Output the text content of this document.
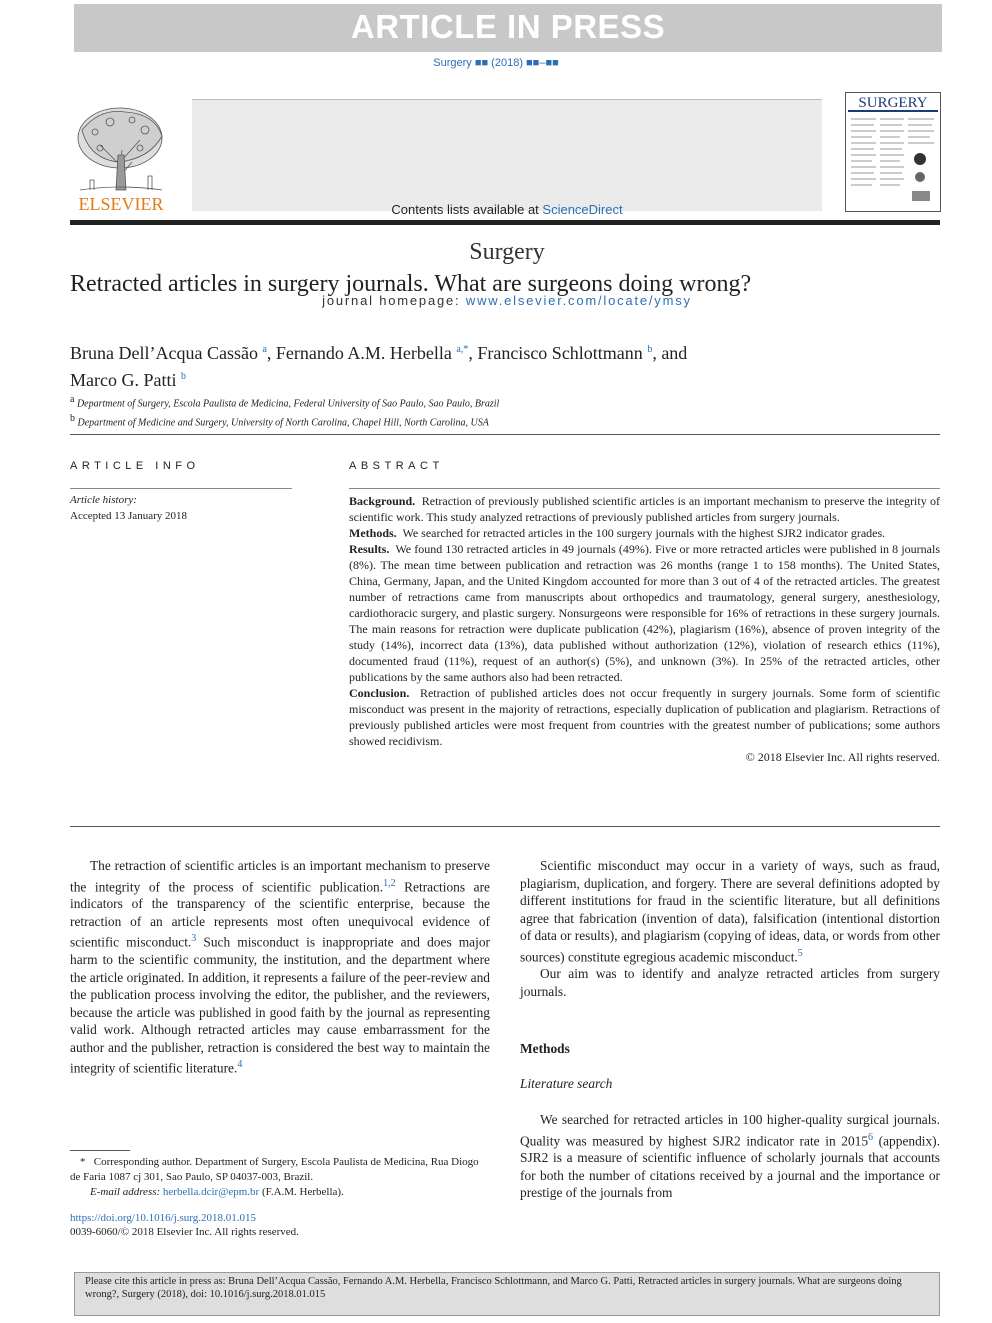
ARTICLE IN PRESS
Surgery ■■ (2018) ■■–■■
ELSEVIER	Contents lists available at ScienceDirect
Surgery
journal homepage: www.elsevier.com/locate/ymsy
SURGERY
Retracted articles in surgery journals. What are surgeons doing wrong?
Bruna Dell’Acqua Cassão $^a$, Fernando A.M. Herbella $^{a,*}$, Francisco Schlottmann $^b$, and
Marco G. Patti $^b$
$^a$ Department of Surgery, Escola Paulista de Medicina, Federal University of Sao Paulo, Sao Paulo, Brazil
$^b$ Department of Medicine and Surgery, University of North Carolina, Chapel Hill, North Carolina, USA
ARTICLE INFO
Article history:
Accepted 13 January 2018
ABSTRACT

Background. Retraction of previously published scientific articles is an important mechanism to preserve the integrity of scientific work. This study analyzed retractions of previously published articles from surgery journals.

Methods. We searched for retracted articles in the 100 surgery journals with the highest SJR2 indicator grades.

Results. We found 130 retracted articles in 49 journals (49%). Five or more retracted articles were published in 8 journals (8%). The mean time between publication and retraction was 26 months (range 1 to 158 months). The United States, China, Germany, Japan, and the United Kingdom accounted for more than 3 out of 4 of the retracted articles. The greatest number of retractions came from manuscripts about orthopedics and traumatology, general surgery, anesthesiology, cardiothoracic surgery, and plastic surgery. Nonsurgeons were responsible for 16% of retractions in these surgery journals. The main reasons for retraction were duplicate publication (42%), plagiarism (16%), absence of proven integrity of the study (14%), incorrect data (13%), data published without authorization (12%), violation of research ethics (11%), documented fraud (11%), request of an author(s) (5%), and unknown (3%). In 25% of the retracted articles, other publications by the same authors also had been retracted.

Conclusion. Retraction of published articles does not occur frequently in surgery journals. Some form of scientific misconduct was present in the majority of retractions, especially duplication of publication and plagiarism. Retractions of previously published articles were most frequent from countries with the greatest number of publications; some authors showed recidivism.

© 2018 Elsevier Inc. All rights reserved.

The retraction of scientific articles is an important mechanism to preserve the integrity of the process of scientific publication.$^{1,2}$ Retractions are indicators of the transparency of the scientific enterprise, because the retraction of an article represents most often unequivocal evidence of scientific misconduct.$^3$ Such misconduct is inappropriate and does major harm to the scientific community, the institution, and the department where the article originated. In addition, it represents a failure of the peer-review and the publication process involving the editor, the publisher, and the reviewers, because the article was published in good faith by the journal as representing valid work. Although retracted articles may cause embarrassment for the author and the publisher, retraction is considered the best way to maintain the integrity of scientific literature.$^4$

Scientific misconduct may occur in a variety of ways, such as fraud, plagiarism, duplication, and forgery. There are several definitions adopted by different institutions for fraud in the scientific literature, but all definitions agree that fabrication (invention of data), falsification (intentional distortion of data or results), and plagiarism (copying of ideas, data, or words from other sources) constitute egregious academic misconduct.$^5$

Our aim was to identify and analyze retracted articles from surgery journals.

Methods
Literature search

We searched for retracted articles in 100 higher-quality surgical journals. Quality was measured by highest SJR2 indicator rate in 2015$^6$ (appendix). SJR2 is a measure of scientific influence of scholarly journals that accounts for both the number of citations received by a journal and the importance or prestige of the journals from

* Corresponding author. Department of Surgery, Escola Paulista de Medicina, Rua Diogo de Faria 1087 cj 301, Sao Paulo, SP 04037-003, Brazil.
E-mail address: herbella.dcir@epm.br (F.A.M. Herbella).
https://doi.org/10.1016/j.surg.2018.01.015
0039-6060/© 2018 Elsevier Inc. All rights reserved.
Please cite this article in press as: Bruna Dell’Acqua Cassão, Fernando A.M. Herbella, Francisco Schlottmann, and Marco G. Patti, Retracted articles in surgery journals. What are surgeons doing wrong?, Surgery (2018), doi: 10.1016/j.surg.2018.01.015
